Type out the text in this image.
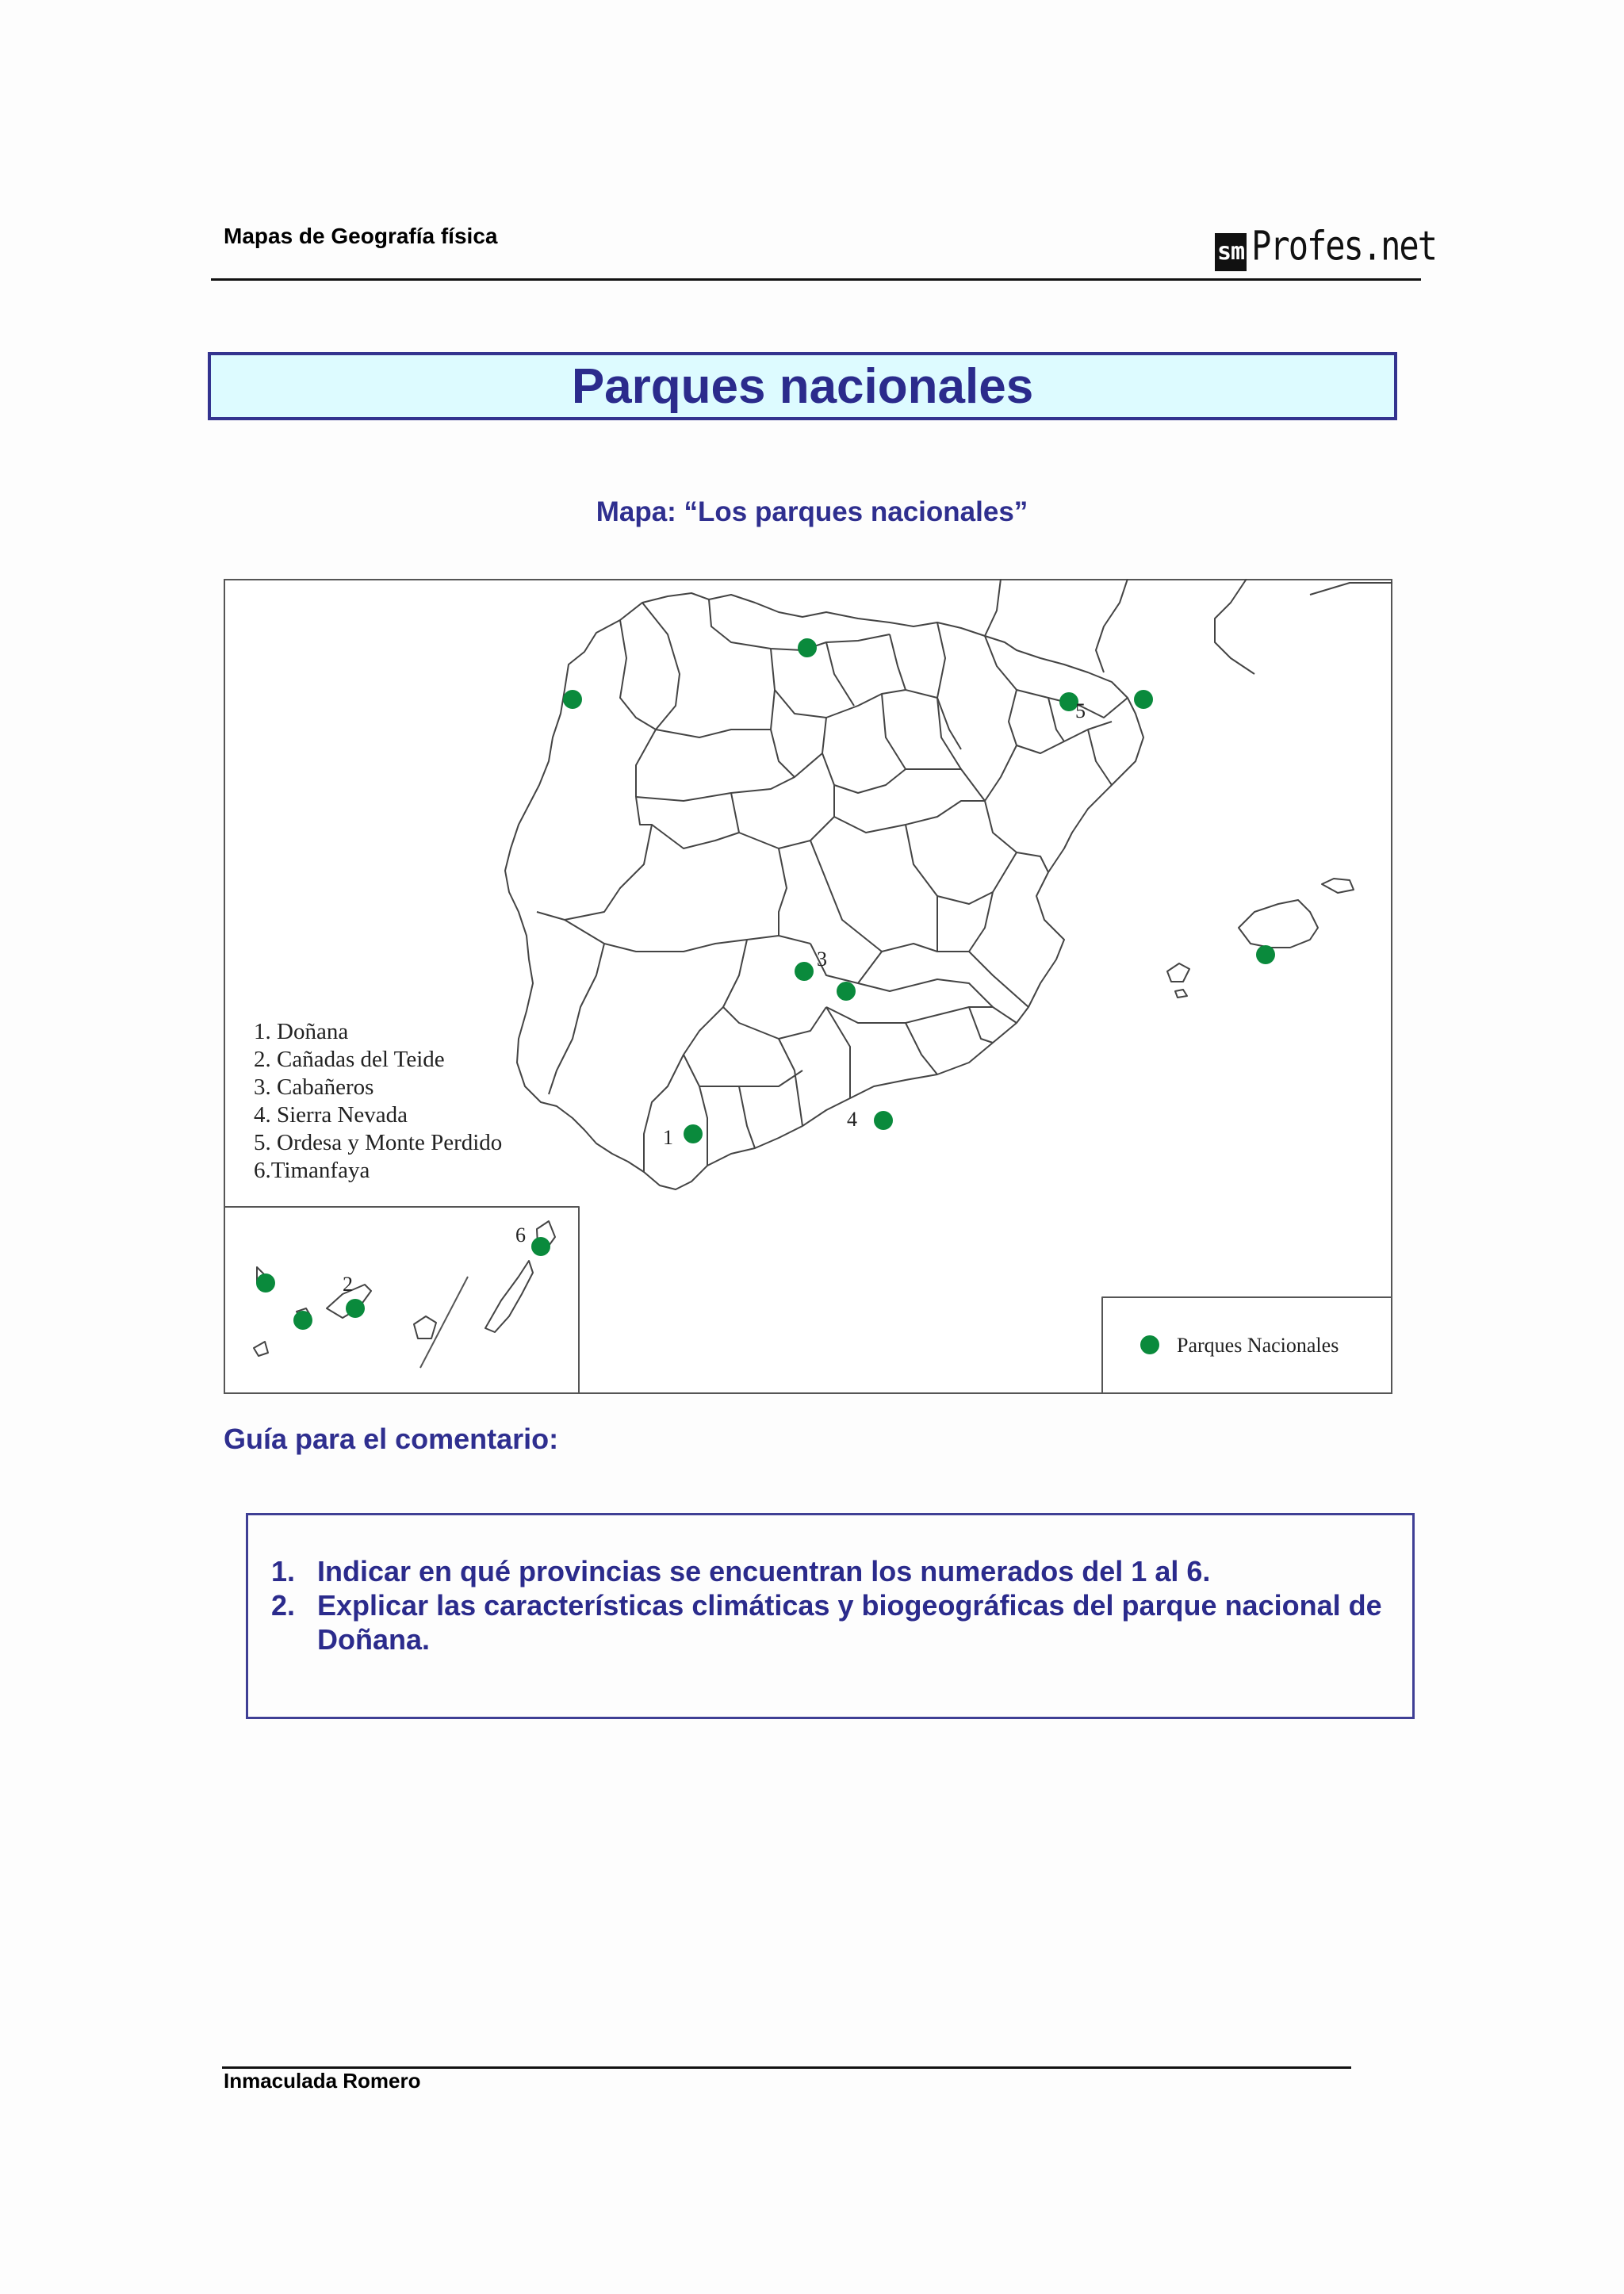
Mapas de Geografía física
sm Profes.net
Parques nacionales
Mapa: “Los parques nacionales”
1
2
3
4
5
6
Parques Nacionales
1. Doñana
2. Cañadas del Teide
3. Cabañeros
4. Sierra Nevada
5. Ordesa y Monte Perdido
6.Timanfaya
Guía para el comentario:
1. Indicar en qué provincias se encuentran los numerados del 1 al 6.
2. Explicar las características climáticas y biogeográficas del parque nacional de Doñana.
Inmaculada Romero
